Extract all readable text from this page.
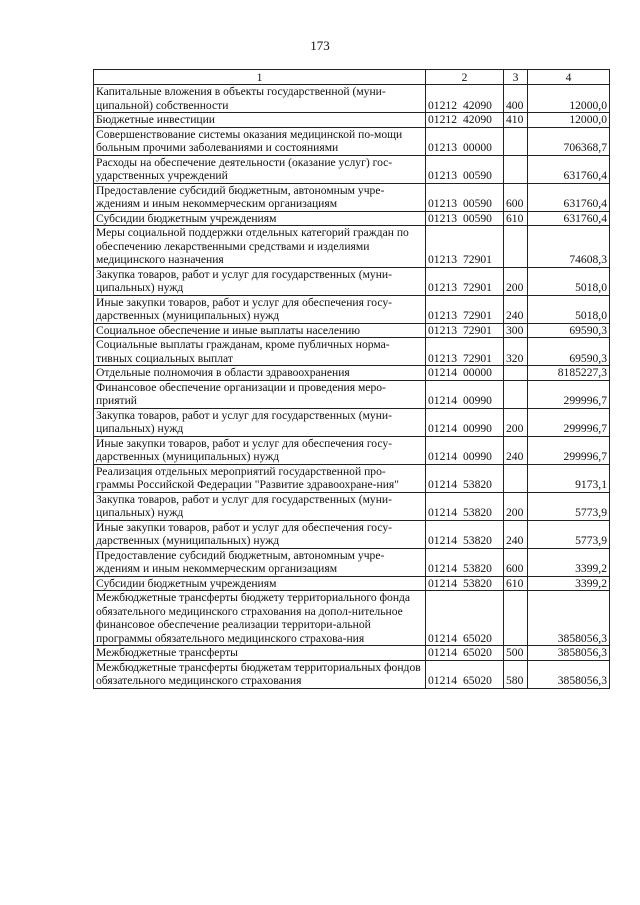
173
1	2	3	4
Капитальные вложения в объекты государственной (муни-ципальной) собственности	01212 42090	400	12000,0
Бюджетные инвестиции	01212 42090	410	12000,0
Совершенствование системы оказания медицинской по-мощи больным прочими заболеваниями и состояниями	01213 00000		706368,7
Расходы на обеспечение деятельности (оказание услуг) гос-ударственных учреждений	01213 00590		631760,4
Предоставление субсидий бюджетным, автономным учре-ждениям и иным некоммерческим организациям	01213 00590	600	631760,4
Субсидии бюджетным учреждениям	01213 00590	610	631760,4
Меры социальной поддержки отдельных категорий граждан по обеспечению лекарственными средствами и изделиями медицинского назначения	01213 72901		74608,3
Закупка товаров, работ и услуг для государственных (муни-ципальных) нужд	01213 72901	200	5018,0
Иные закупки товаров, работ и услуг для обеспечения госу-дарственных (муниципальных) нужд	01213 72901	240	5018,0
Социальное обеспечение и иные выплаты населению	01213 72901	300	69590,3
Социальные выплаты гражданам, кроме публичных норма-тивных социальных выплат	01213 72901	320	69590,3
Отдельные полномочия в области здравоохранения	01214 00000		8185227,3
Финансовое обеспечение организации и проведения меро-приятий	01214 00990		299996,7
Закупка товаров, работ и услуг для государственных (муни-ципальных) нужд	01214 00990	200	299996,7
Иные закупки товаров, работ и услуг для обеспечения госу-дарственных (муниципальных) нужд	01214 00990	240	299996,7
Реализация отдельных мероприятий государственной про-граммы Российской Федерации "Развитие здравоохране-ния"	01214 53820		9173,1
Закупка товаров, работ и услуг для государственных (муни-ципальных) нужд	01214 53820	200	5773,9
Иные закупки товаров, работ и услуг для обеспечения госу-дарственных (муниципальных) нужд	01214 53820	240	5773,9
Предоставление субсидий бюджетным, автономным учре-ждениям и иным некоммерческим организациям	01214 53820	600	3399,2
Субсидии бюджетным учреждениям	01214 53820	610	3399,2
Межбюджетные трансферты бюджету территориального фонда обязательного медицинского страхования на допол-нительное финансовое обеспечение реализации территори-альной программы обязательного медицинского страхова-ния	01214 65020		3858056,3
Межбюджетные трансферты	01214 65020	500	3858056,3
Межбюджетные трансферты бюджетам территориальных фондов обязательного медицинского страхования	01214 65020	580	3858056,3
